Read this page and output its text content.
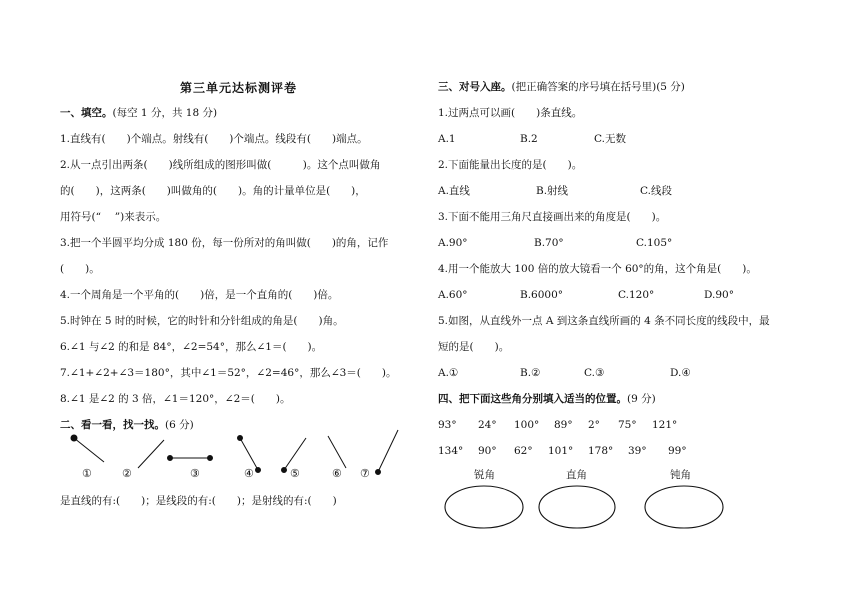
第三单元达标测评卷
一、填空。(每空 1 分，共 18 分)
1.直线有(　　)个端点。射线有(　　)个端点。线段有(　　)端点。
2.从一点引出两条(　　)线所组成的图形叫做(　　　)。这个点叫做角
的(　　)，这两条(　　)叫做角的(　　)。角的计量单位是(　　)，
用符号(“　 ”)来表示。
3.把一个半圆平均分成 180 份，每一份所对的角叫做(　　)的角，记作
(　　)。
4.一个周角是一个平角的(　　)倍，是一个直角的(　　)倍。
5.时钟在 5 时的时候，它的时针和分针组成的角是(　　)角。
6.∠1 与∠2 的和是 84°，∠2=54°，那么∠1＝(　　)。
7.∠1+∠2+∠3＝180°，其中∠1＝52°，∠2=46°，那么∠3＝(　　)。
8.∠1 是∠2 的 3 倍，∠1＝120°，∠2＝(　　)。
二、看一看，找一找。(6 分)
①	②	③	④	⑤	⑥ ⑦
是直线的有:(　　)；是线段的有:(　　)；是射线的有:(　　)
三、对号入座。(把正确答案的序号填在括号里)(5 分)
1.过两点可以画(　　)条直线。
A.1	B.2	C.无数
2.下面能量出长度的是(　　)。
A.直线	B.射线	C.线段
3.下面不能用三角尺直接画出来的角度是(　　)。
A.90°	B.70°	C.105°
4.用一个能放大 100 倍的放大镜看一个 60°的角，这个角是(　　)。
A.60°	B.6000°	C.120°	D.90°
5.如图，从直线外一点 A 到这条直线所画的 4 条不同长度的线段中，最
短的是(　　)。
A.①	B.②	C.③	D.④
四、把下面这些角分别填入适当的位置。(9 分)
93° 24° 100° 89° 2° 75° 121°
134° 90° 62° 101° 178° 39° 99°
锐角	直角	钝角
